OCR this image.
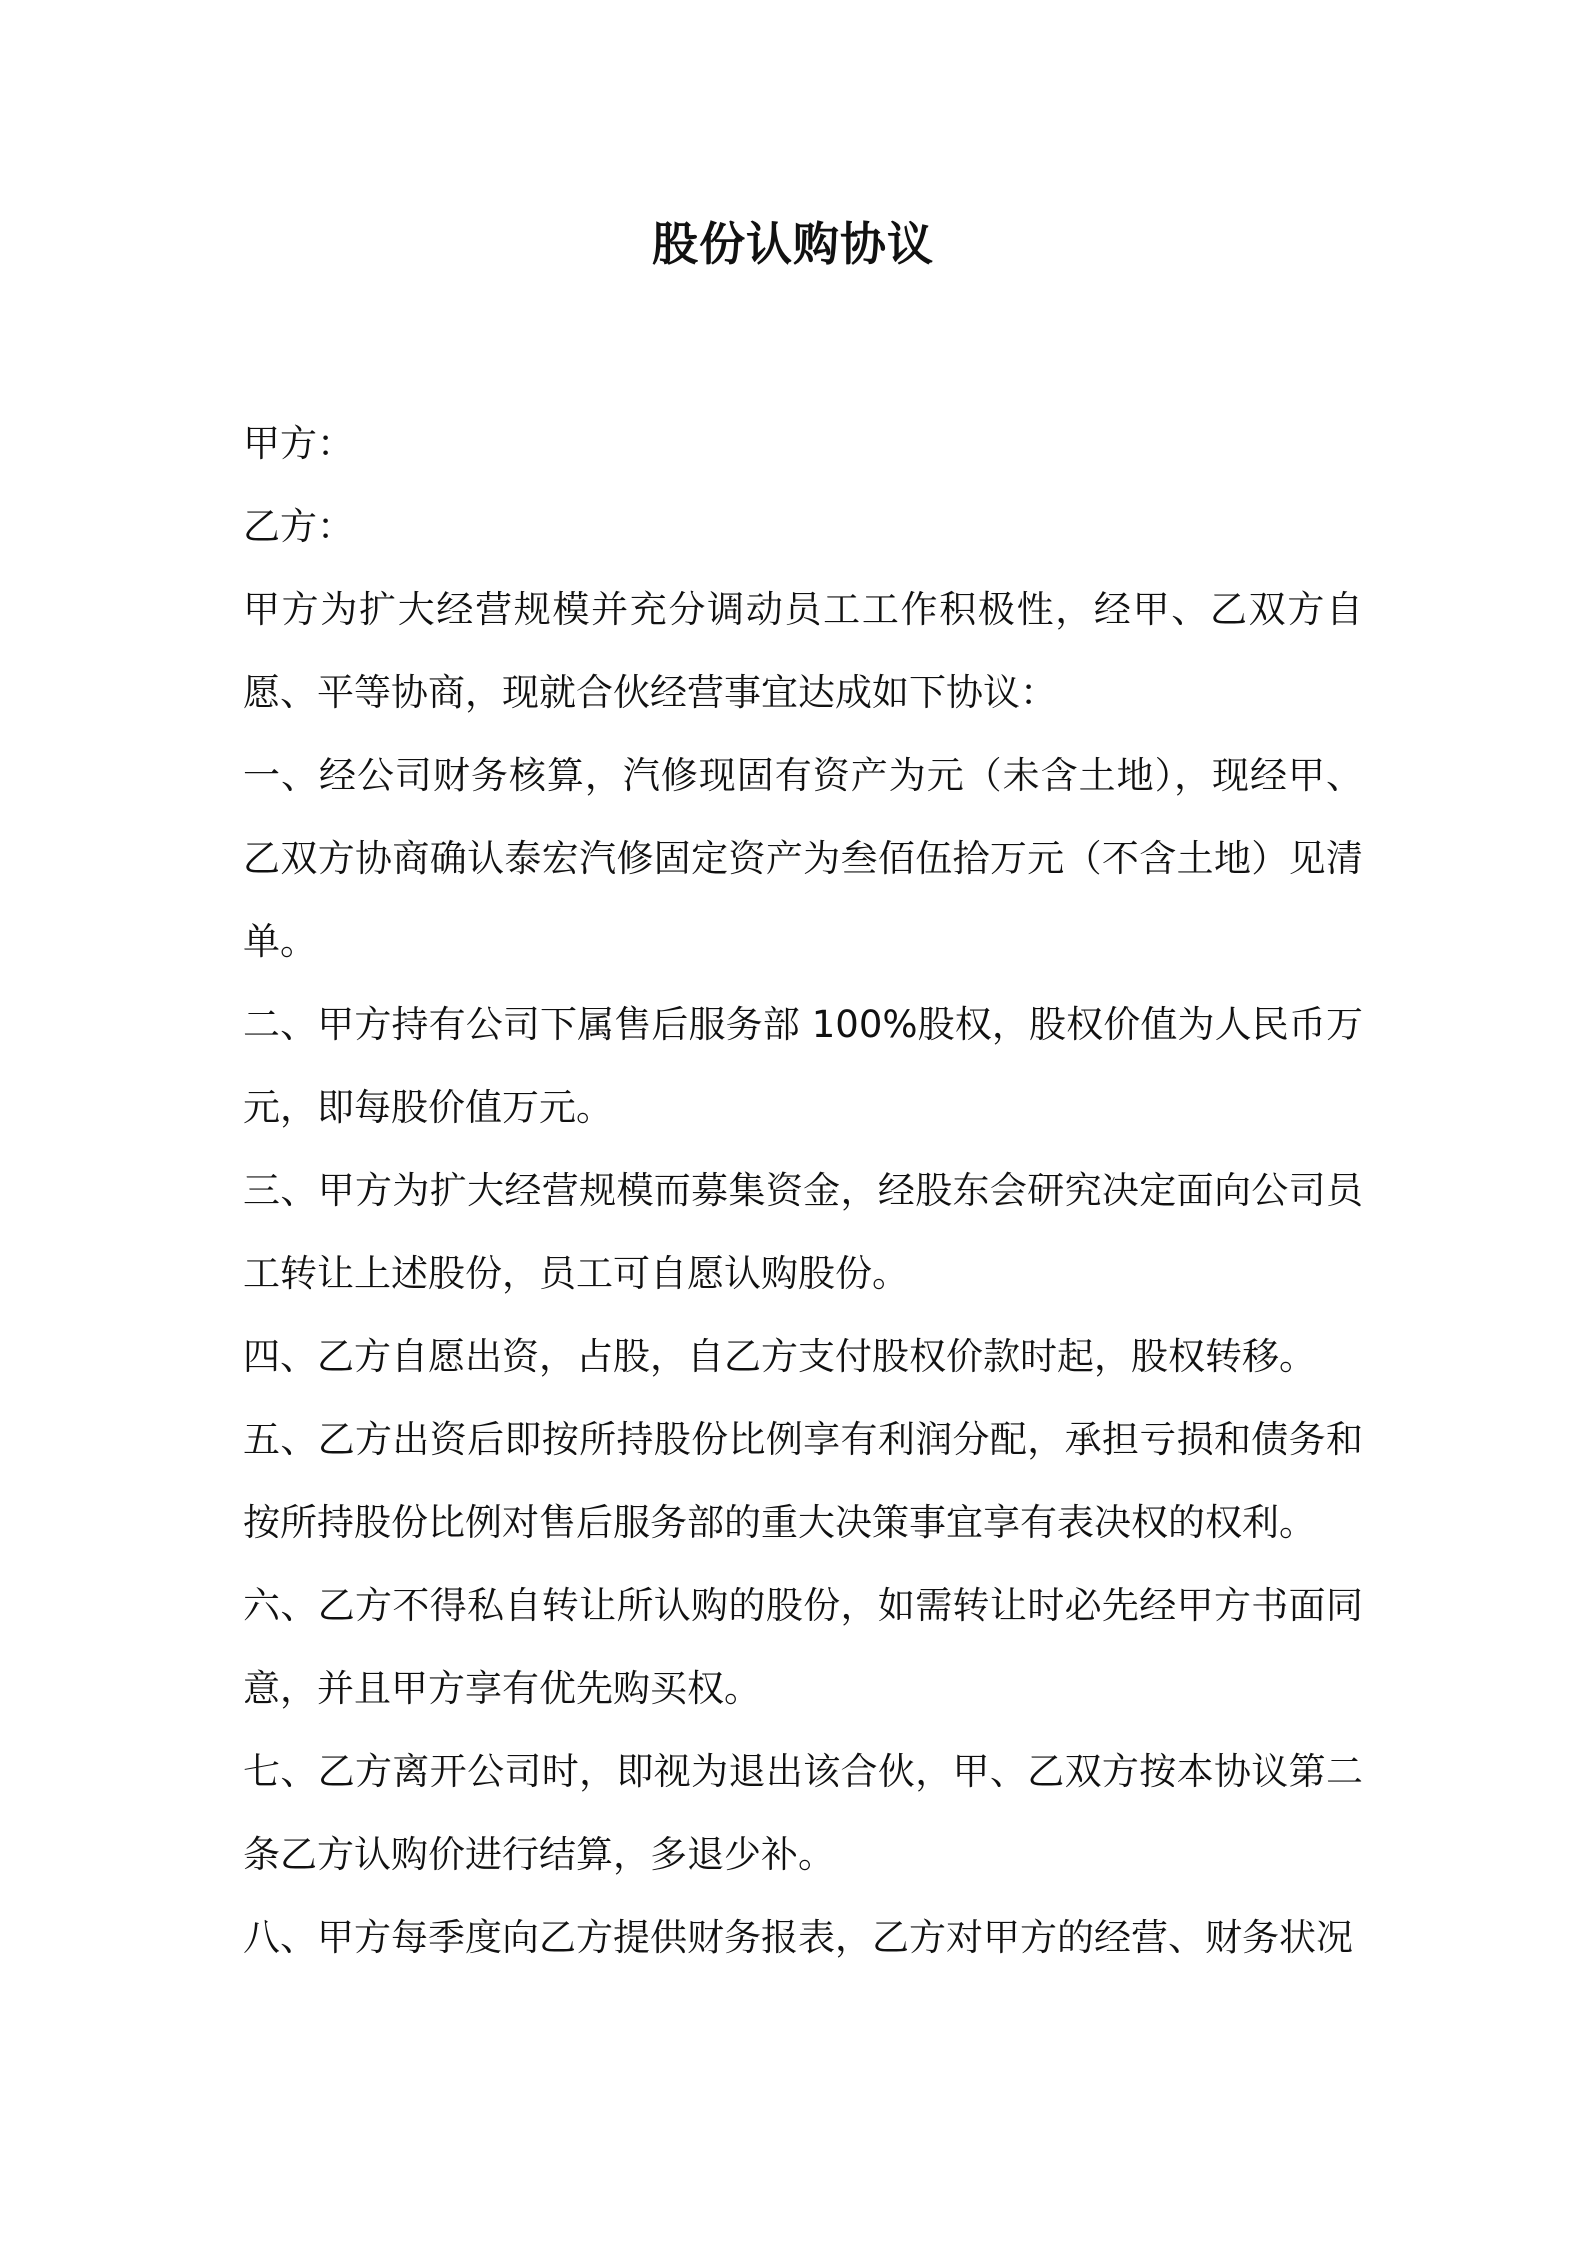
股份认购协议

甲方：

乙方：

甲方为扩大经营规模并充分调动员工工作积极性，经甲、乙双方自愿、平等协商，现就合伙经营事宜达成如下协议：

一、经公司财务核算，汽修现固有资产为元（未含土地），现经甲、乙双方协商确认泰宏汽修固定资产为叁佰伍拾万元（不含土地）见清单。

二、甲方持有公司下属售后服务部 100%股权，股权价值为人民币万元，即每股价值万元。

三、甲方为扩大经营规模而募集资金，经股东会研究决定面向公司员工转让上述股份，员工可自愿认购股份。

四、乙方自愿出资，占股，自乙方支付股权价款时起，股权转移。

五、乙方出资后即按所持股份比例享有利润分配，承担亏损和债务和按所持股份比例对售后服务部的重大决策事宜享有表决权的权利。

六、乙方不得私自转让所认购的股份，如需转让时必先经甲方书面同意，并且甲方享有优先购买权。

七、乙方离开公司时，即视为退出该合伙，甲、乙双方按本协议第二条乙方认购价进行结算，多退少补。

八、甲方每季度向乙方提供财务报表，乙方对甲方的经营、财务状况
